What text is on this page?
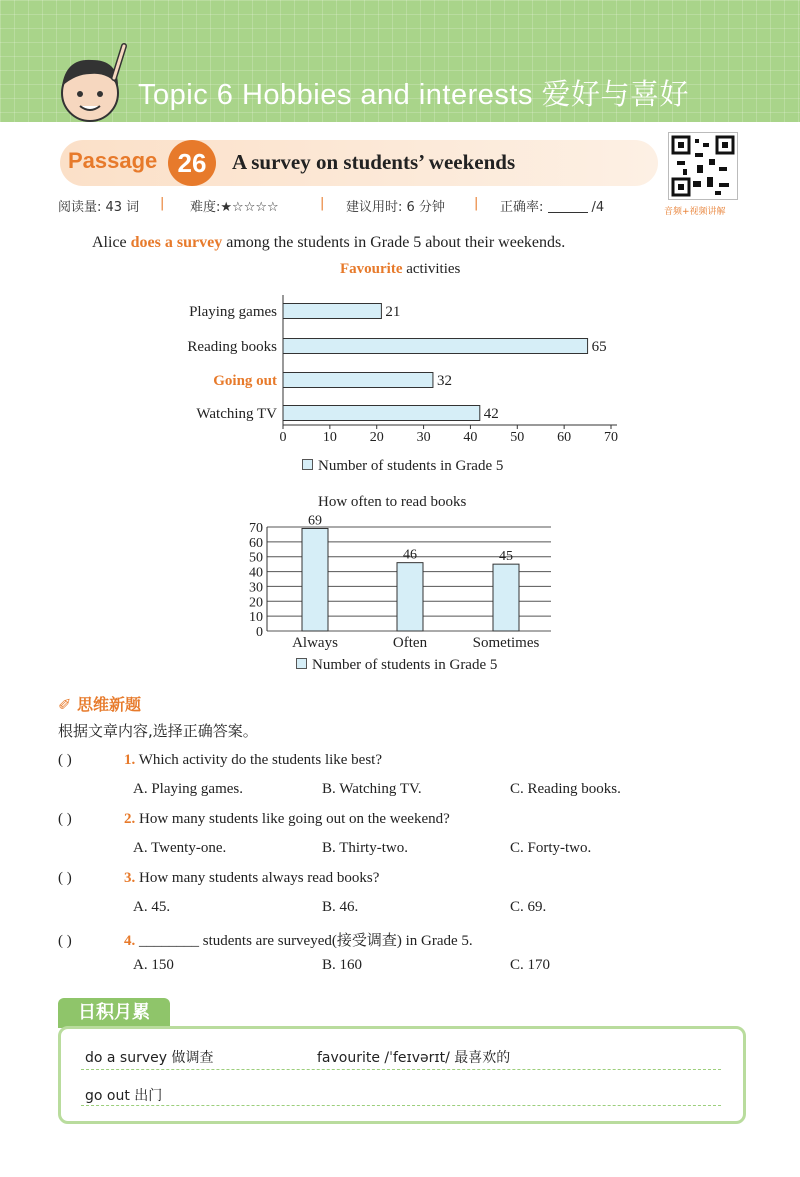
Topic 6 Hobbies and interests 爱好与喜好
Passage 26	A survey on students’ weekends
音频+视频讲解
阅读量: 43 词 | 难度:★☆☆☆☆	| 建议用时: 6 分钟 | 正确率:	/4
Alice does a survey among the students in Grade 5 about their weekends.
Favourite activities
Playing games	21
Reading books	65
Going out	32
Watching TV	42
0	10 20 30 40 50 60 70
Number of students in Grade 5
How often to read books
0
10
20
30
40
50
60
70
69
Always
46
Often
45
Sometimes
Number of students in Grade 5
✐ 思维新题
根据文章内容,选择正确答案。
( )	1. Which activity do the students like best?
A. Playing games.	B. Watching TV.	C. Reading books.
( )	2. How many students like going out on the weekend?
A. Twenty-one.	B. Thirty-two.	C. Forty-two.
( )	3. How many students always read books?
A. 45.	B. 46.	C. 69.
( )	4. ________ students are surveyed(接受调查) in Grade 5.
A. 150	B. 160	C. 170
日积月累
do a survey 做调查	favourite /ˈfeɪvərɪt/ 最喜欢的
go out 出门
